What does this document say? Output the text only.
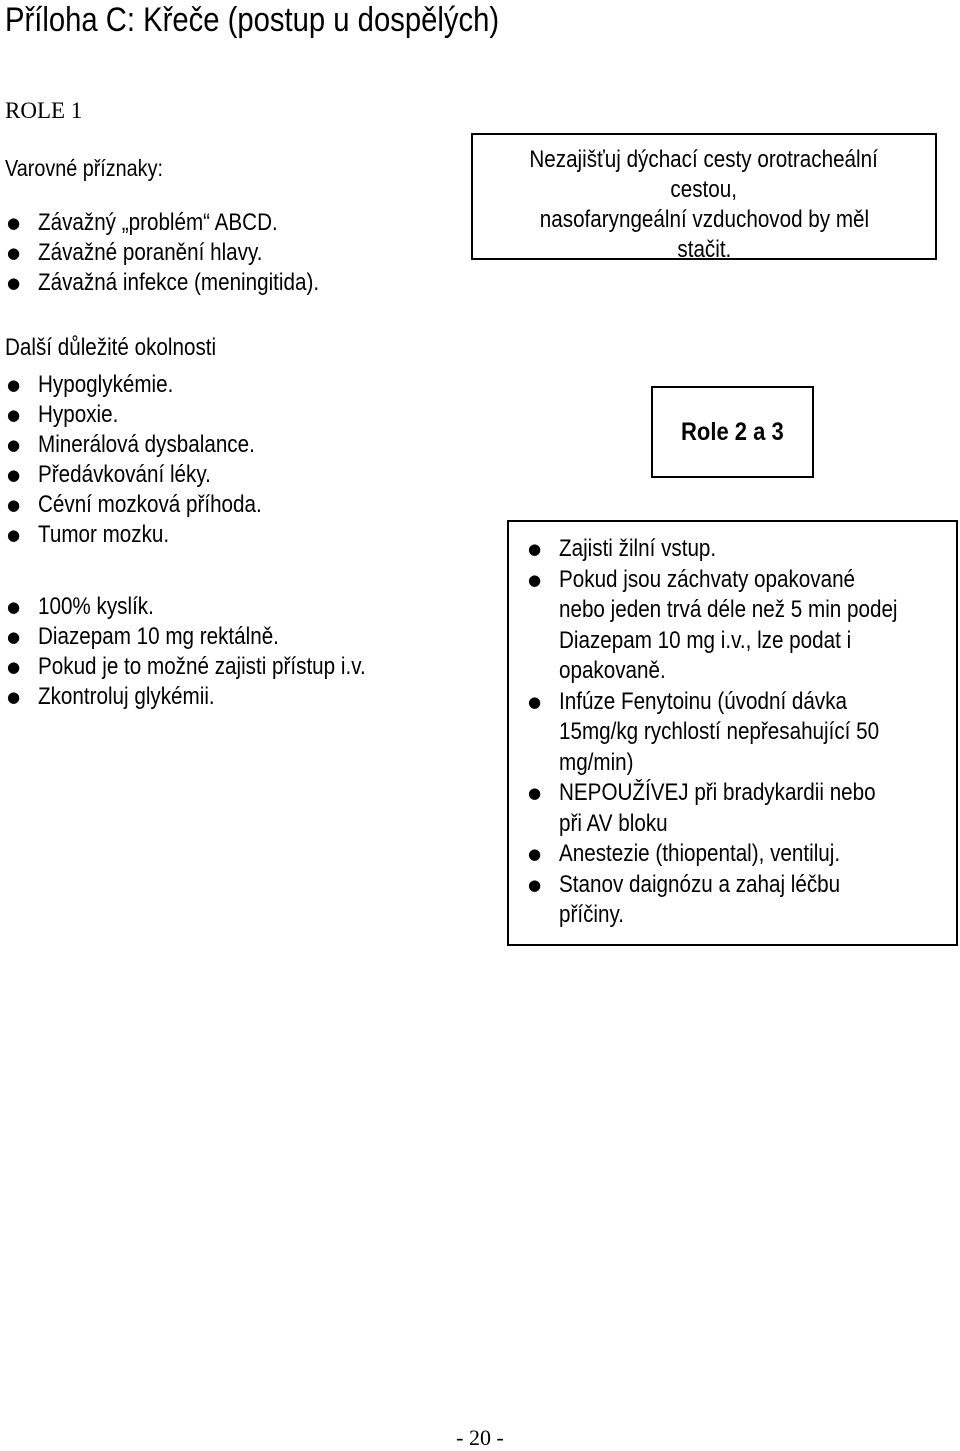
Příloha C: Křeče (postup u dospělých)
ROLE 1
Varovné příznaky:
● Závažný „problém“ ABCD.
● Závažné poranění hlavy.
● Závažná infekce (meningitida).
Nezajišťuj dýchací cesty orotracheální
cestou,
nasofaryngeální vzduchovod by měl
stačit.
Další důležité okolnosti
● Hypoglykémie.
● Hypoxie.
● Minerálová dysbalance.
● Předávkování léky.
● Cévní mozková příhoda.
● Tumor mozku.
Role 2 a 3
● 100% kyslík.
● Diazepam 10 mg rektálně.
● Pokud je to možné zajisti přístup i.v.
● Zkontroluj glykémii.
● Zajisti žilní vstup.
● Pokud jsou záchvaty opakované
nebo jeden trvá déle než 5 min podej
Diazepam 10 mg i.v., lze podat i
opakovaně.
● Infúze Fenytoinu (úvodní dávka
15mg/kg rychlostí nepřesahující 50
mg/min)
● NEPOUŽÍVEJ při bradykardii nebo
při AV bloku
● Anestezie (thiopental), ventiluj.
● Stanov daignózu a zahaj léčbu
příčiny.
- 20 -
